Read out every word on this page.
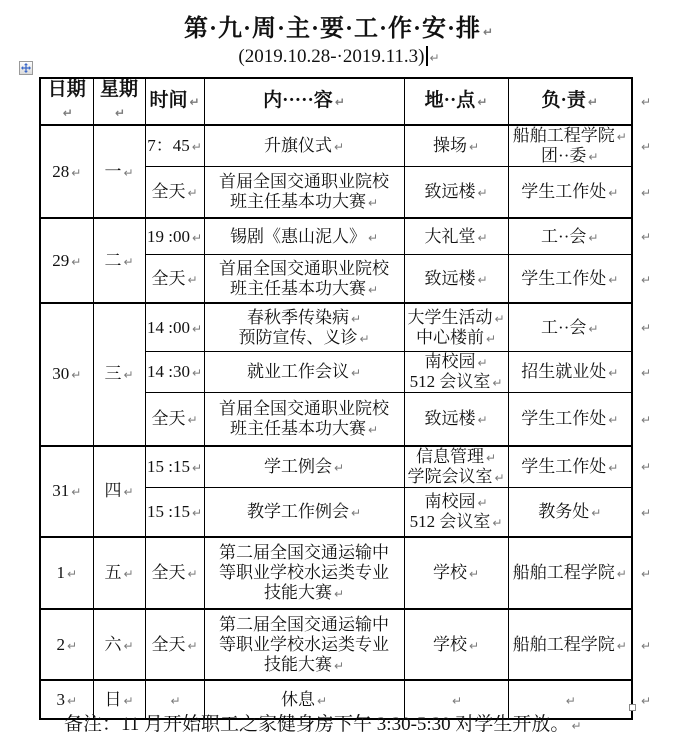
第·九·周·主·要·工·作·安·排 ↵
(2019.10.28-·2019.11.3) ↵
日期↵	星期↵	时间 ↵	内·····容 ↵	地··点 ↵	负·责 ↵	↵
28 ↵	一 ↵	7：45 ↵	升旗仪式 ↵	操场 ↵	船舶工程学院 ↵
团··委 ↵	↵
		全天 ↵	首届全国交通职业院校
班主任基本功大赛 ↵	致远楼 ↵	学生工作处 ↵	↵
29 ↵	二 ↵	19 :00 ↵	锡剧《惠山泥人》 ↵	大礼堂 ↵	工··会 ↵	↵
		全天 ↵	首届全国交通职业院校
班主任基本功大赛 ↵	致远楼 ↵	学生工作处 ↵	↵
30 ↵	三 ↵	14 :00 ↵	春秋季传染病 ↵
预防宣传、义诊 ↵	大学生活动 ↵
中心楼前 ↵	工··会 ↵	↵
		14 :30 ↵	就业工作会议 ↵	南校园 ↵
512 会议室 ↵	招生就业处 ↵	↵
		全天 ↵	首届全国交通职业院校
班主任基本功大赛 ↵	致远楼 ↵	学生工作处 ↵	↵
31 ↵	四 ↵	15 :15 ↵	学工例会 ↵	信息管理 ↵
学院会议室 ↵	学生工作处 ↵	↵
		15 :15 ↵	教学工作例会 ↵	南校园 ↵
512 会议室 ↵	教务处 ↵	↵
1 ↵	五 ↵	全天 ↵	第二届全国交通运输中
等职业学校水运类专业
技能大赛 ↵	学校 ↵	船舶工程学院 ↵	↵
2 ↵	六 ↵	全天 ↵	第二届全国交通运输中
等职业学校水运类专业
技能大赛 ↵	学校 ↵	船舶工程学院 ↵	↵
3 ↵	日 ↵	↵	休息 ↵	↵	↵	↵
备注：11 月开始职工之家健身房下午 3:30-5:30 对学生开放。 ↵
